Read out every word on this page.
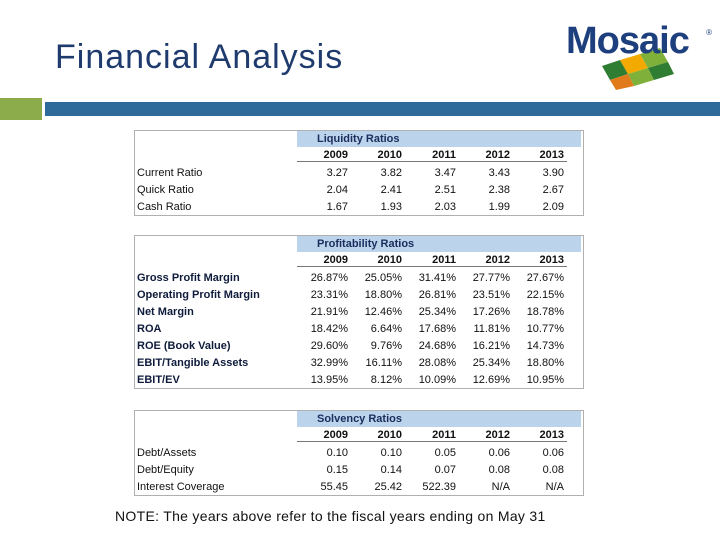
Financial Analysis	Mosaic ®
Liquidity Ratios
2009	2010	2011	2012	2013
Current Ratio	3.27	3.82	3.47	3.43	3.90
Quick Ratio	2.04	2.41	2.51	2.38	2.67
Cash Ratio	1.67	1.93	2.03	1.99	2.09
Profitability Ratios
2009	2010	2011	2012	2013
Gross Profit Margin	26.87%	25.05%	31.41%	27.77%	27.67%
Operating Profit Margin	23.31%	18.80%	26.81%	23.51%	22.15%
Net Margin	21.91%	12.46%	25.34%	17.26%	18.78%
ROA	18.42%	6.64%	17.68%	11.81%	10.77%
ROE (Book Value)	29.60%	9.76%	24.68%	16.21%	14.73%
EBIT/Tangible Assets	32.99%	16.11%	28.08%	25.34%	18.80%
EBIT/EV	13.95%	8.12%	10.09%	12.69%	10.95%
Solvency Ratios
2009	2010	2011	2012	2013
Debt/Assets	0.10	0.10	0.05	0.06	0.06
Debt/Equity	0.15	0.14	0.07	0.08	0.08
Interest Coverage	55.45	25.42	522.39	N/A	N/A
NOTE: The years above refer to the fiscal years ending on May 31
